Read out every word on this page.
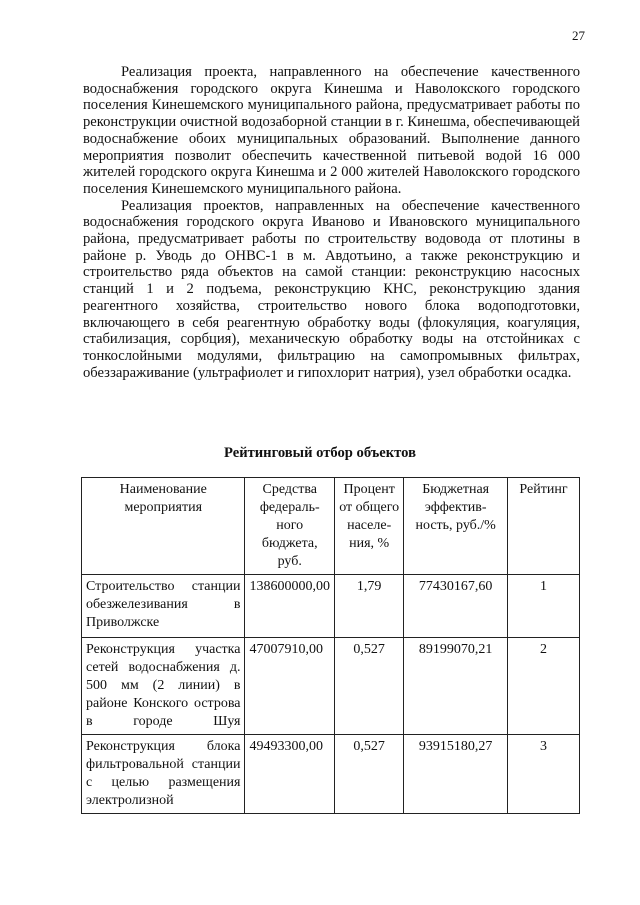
27

Реализация проекта, направленного на обеспечение качественного водоснабжения городского округа Кинешма и Наволокского городского поселения Кинешемского муниципального района, предусматривает работы по реконструкции очистной водозаборной станции в г. Кинешма, обеспечивающей водоснабжение обоих муниципальных образований. Выполнение данного мероприятия позволит обеспечить качественной питьевой водой 16 000 жителей городского округа Кинешма и 2 000 жителей Наволокского городского поселения Кинешемского муниципального района.

Реализация проектов, направленных на обеспечение качественного водоснабжения городского округа Иваново и Ивановского муниципального района, предусматривает работы по строительству водовода от плотины в районе р. Уводь до ОНВС-1 в м. Авдотьино, а также реконструкцию и строительство ряда объектов на самой станции: реконструкцию насосных станций 1 и 2 подъема, реконструкцию КНС, реконструкцию здания реагентного хозяйства, строительство нового блока водоподготовки, включающего в себя реагентную обработку воды (флокуляция, коагуляция, стабилизация, сорбция), механическую обработку воды на отстойниках с тонкослойными модулями, фильтрацию на самопромывных фильтрах, обеззараживание (ультрафиолет и гипохлорит натрия), узел обработки осадка.

Рейтинговый отбор объектов
Наименование мероприятия	Средства федераль-ного бюджета, руб.	Процент от общего населе-ния, %	Бюджетная эффектив-ность, руб./%	Рейтинг
Строительство станции обезжелезивания в Приволжске	138600000,00	1,79	77430167,60	1
Реконструкция участка сетей водоснабжения д. 500 мм (2 линии) в районе Конского острова в городе Шуя	47007910,00	0,527	89199070,21	2
Реконструкция блока фильтровальной станции с целью размещения электролизной	49493300,00	0,527	93915180,27	3
